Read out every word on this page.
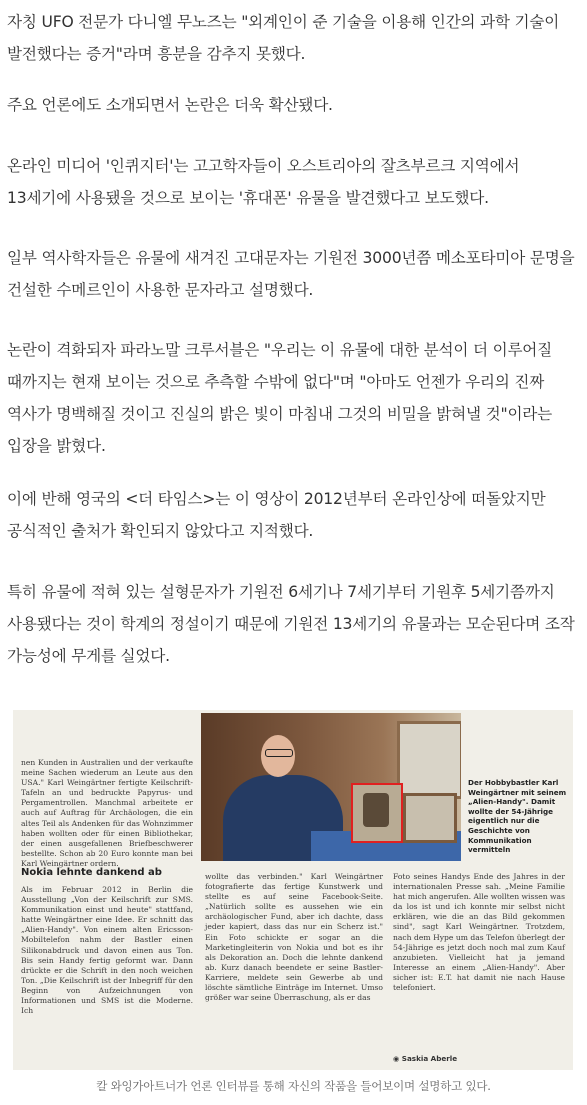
자칭 UFO 전문가 다니엘 무노즈는 "외계인이 준 기술을 이용해 인간의 과학 기술이 발전했다는 증거"라며 흥분을 감추지 못했다.

주요 언론에도 소개되면서 논란은 더욱 확산됐다.

온라인 미디어 '인퀴지터'는 고고학자들이 오스트리아의 잘츠부르크 지역에서 13세기에 사용됐을 것으로 보이는 '휴대폰' 유물을 발견했다고 보도했다.

일부 역사학자들은 유물에 새겨진 고대문자는 기원전 3000년쯤 메소포타미아 문명을 건설한 수메르인이 사용한 문자라고 설명했다.

논란이 격화되자 파라노말 크루서블은 "우리는 이 유물에 대한 분석이 더 이루어질 때까지는 현재 보이는 것으로 추측할 수밖에 없다"며 "아마도 언젠가 우리의 진짜 역사가 명백해질 것이고 진실의 밝은 빛이 마침내 그것의 비밀을 밝혀낼 것"이라는 입장을 밝혔다.

이에 반해 영국의 <더 타임스>는 이 영상이 2012년부터 온라인상에 떠돌았지만 공식적인 출처가 확인되지 않았다고 지적했다.

특히 유물에 적혀 있는 설형문자가 기원전 6세기나 7세기부터 기원후 5세기쯤까지 사용됐다는 것이 학계의 정설이기 때문에 기원전 13세기의 유물과는 모순된다며 조작 가능성에 무게를 실었다.

nen Kunden in Australien und der verkaufte meine Sachen wiederum an Leute aus den USA." Karl Weingärtner fertigte Keilschrift-Tafeln an und bedruckte Papyrus- und Pergamentrollen. Manchmal arbeitete er auch auf Auftrag für Archäologen, die ein altes Teil als Andenken für das Wohnzimmer haben wollten oder für einen Bibliothekar, der einen ausgefallenen Briefbeschwerer bestellte. Schon ab 20 Euro konnte man bei Karl Weingärtner ordern.

Nokia lehnte dankend ab

Als im Februar 2012 in Berlin die Ausstellung „Von der Keilschrift zur SMS. Kommunikation einst und heute" stattfand, hatte Weingärtner eine Idee. Er schnitt das „Alien-Handy". Von einem alten Ericsson-Mobiltelefon nahm der Bastler einen Silikonabdruck und davon einen aus Ton. Bis sein Handy fertig geformt war. Dann drückte er die Schrift in den noch weichen Ton. „Die Keilschrift ist der Inbegriff für den Beginn von Aufzeichnungen von Informationen und SMS ist die Moderne. Ich

Der Hobbybastler Karl Weingärtner mit seinem „Alien-Handy". Damit wollte der 54-Jährige eigentlich nur die Geschichte von Kommunikation vermitteln

wollte das verbinden." Karl Weingärtner fotografierte das fertige Kunstwerk und stellte es auf seine Facebook-Seite. „Natürlich sollte es aussehen wie ein archäologischer Fund, aber ich dachte, dass jeder kapiert, dass das nur ein Scherz ist." Ein Foto schickte er sogar an die Marketingleiterin von Nokia und bot es ihr als Dekoration an. Doch die lehnte dankend ab. Kurz danach beendete er seine Bastler-Karriere, meldete sein Gewerbe ab und löschte sämtliche Einträge im Internet. Umso größer war seine Überraschung, als er das

Foto seines Handys Ende des Jahres in der internationalen Presse sah. „Meine Familie hat mich angerufen. Alle wollten wissen was da los ist und ich konnte mir selbst nicht erklären, wie die an das Bild gekommen sind", sagt Karl Weingärtner. Trotzdem, nach dem Hype um das Telefon überlegt der 54-Jährige es jetzt doch noch mal zum Kauf anzubieten. Vielleicht hat ja jemand Interesse an einem „Alien-Handy". Aber sicher ist: E.T. hat damit nie nach Hause telefoniert.

◉ Saskia Aberle
칼 와잉가아트너가 언론 인터뷰를 통해 자신의 작품을 들어보이며 설명하고 있다.
